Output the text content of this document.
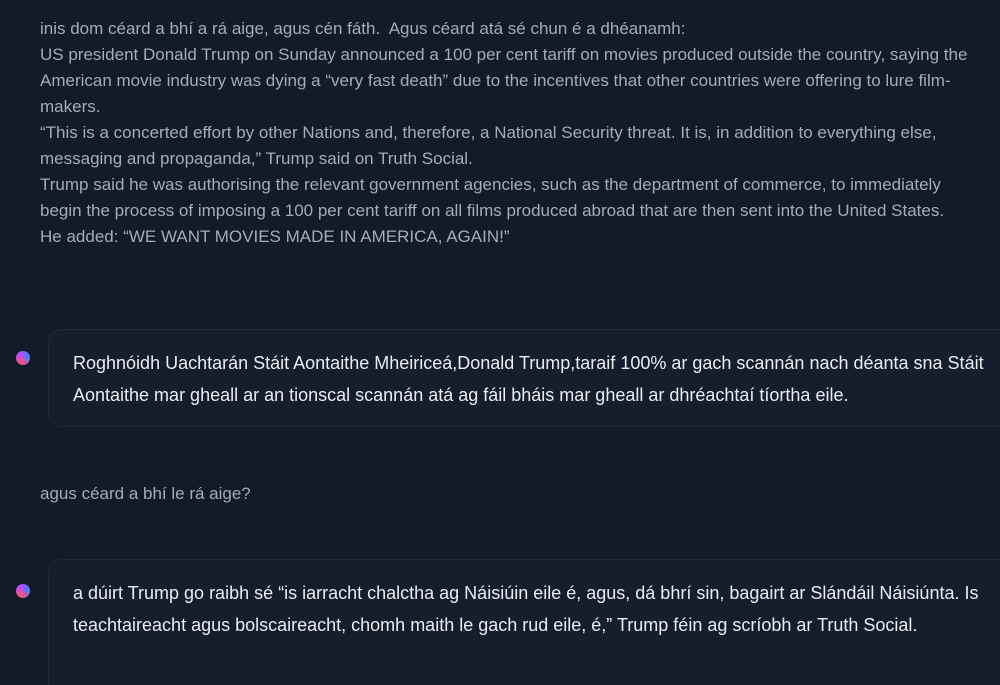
inis dom céard a bhí a rá aige, agus cén fáth.  Agus céard atá sé chun é a dhéanamh:

US president Donald Trump on Sunday announced a 100 per cent tariff on movies produced outside the country, saying the American movie industry was dying a “very fast death” due to the incentives that other countries were offering to lure film-makers.

“This is a concerted effort by other Nations and, therefore, a National Security threat. It is, in addition to everything else, messaging and propaganda,” Trump said on Truth Social.

Trump said he was authorising the relevant government agencies, such as the department of commerce, to immediately begin the process of imposing a 100 per cent tariff on all films produced abroad that are then sent into the United States.

He added: “WE WANT MOVIES MADE IN AMERICA, AGAIN!”

Roghnóidh Uachtarán Stáit Aontaithe Mheiriceá,Donald Trump,taraif 100% ar gach scannán nach déanta sna Stáit Aontaithe mar gheall ar an tionscal scannán atá ag fáil bháis mar gheall ar dhréachtaí tíortha eile.

agus céard a bhí le rá aige?

a dúirt Trump go raibh sé “is iarracht chalctha ag Náisiúin eile é, agus, dá bhrí sin, bagairt ar Slándáil Náisiúnta. Is teachtaireacht agus bolscaireacht, chomh maith le gach rud eile, é,” Trump féin ag scríobh ar Truth Social.
